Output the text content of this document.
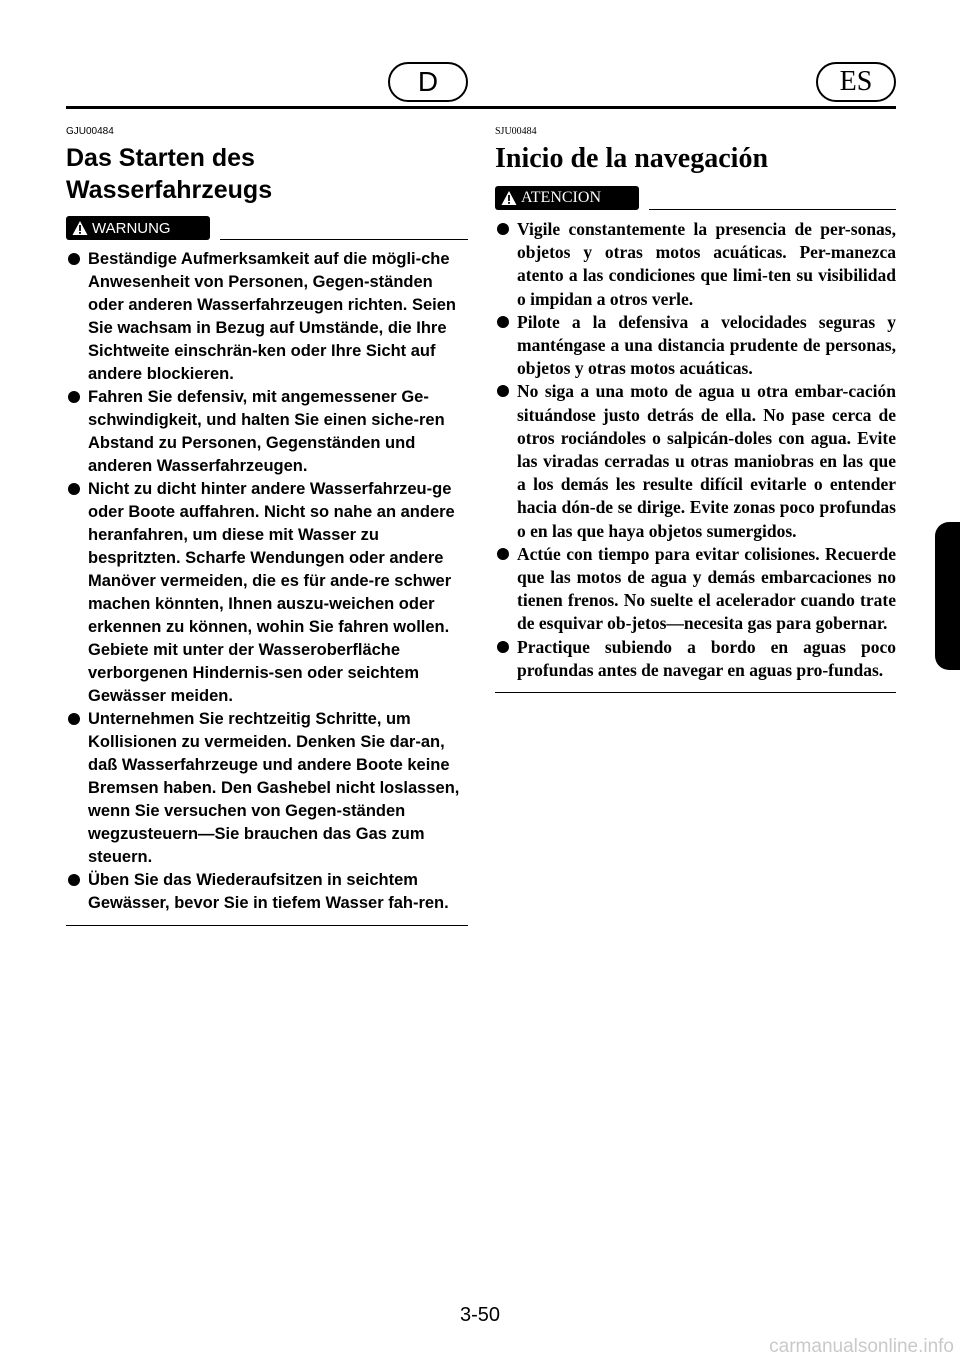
D	ES

GJU00484

Das Starten des
Wasserfahrzeugs
WARNUNG
Beständige Aufmerksamkeit auf die mögli-che Anwesenheit von Personen, Gegen-ständen oder anderen Wasserfahrzeugen richten. Seien Sie wachsam in Bezug auf Umstände, die Ihre Sichtweite einschrän-ken oder Ihre Sicht auf andere blockieren.
Fahren Sie defensiv, mit angemessener Ge-schwindigkeit, und halten Sie einen siche-ren Abstand zu Personen, Gegenständen und anderen Wasserfahrzeugen.
Nicht zu dicht hinter andere Wasserfahrzeu-ge oder Boote auffahren. Nicht so nahe an andere heranfahren, um diese mit Wasser zu bespritzten. Scharfe Wendungen oder andere Manöver vermeiden, die es für ande-re schwer machen könnten, Ihnen auszu-weichen oder erkennen zu können, wohin Sie fahren wollen. Gebiete mit unter der Wasseroberfläche verborgenen Hindernis-sen oder seichtem Gewässer meiden.
Unternehmen Sie rechtzeitig Schritte, um Kollisionen zu vermeiden. Denken Sie dar-an, daß Wasserfahrzeuge und andere Boote keine Bremsen haben. Den Gashebel nicht loslassen, wenn Sie versuchen von Gegen-ständen wegzusteuern—Sie brauchen das Gas zum steuern.
Üben Sie das Wiederaufsitzen in seichtem Gewässer, bevor Sie in tiefem Wasser fah-ren.

SJU00484

Inicio de la navegación
ATENCION
Vigile constantemente la presencia de per-sonas, objetos y otras motos acuáticas. Per-manezca atento a las condiciones que limi-ten su visibilidad o impidan a otros verle.
Pilote a la defensiva a velocidades seguras y manténgase a una distancia prudente de personas, objetos y otras motos acuáticas.
No siga a una moto de agua u otra embar-cación situándose justo detrás de ella. No pase cerca de otros rociándoles o salpicán-doles con agua. Evite las viradas cerradas u otras maniobras en las que a los demás les resulte difícil evitarle o entender hacia dón-de se dirige. Evite zonas poco profundas o en las que haya objetos sumergidos.
Actúe con tiempo para evitar colisiones. Recuerde que las motos de agua y demás embarcaciones no tienen frenos. No suelte el acelerador cuando trate de esquivar ob-jetos—necesita gas para gobernar.
Practique subiendo a bordo en aguas poco profundas antes de navegar en aguas pro-fundas.
3-50
carmanualsonline.info
